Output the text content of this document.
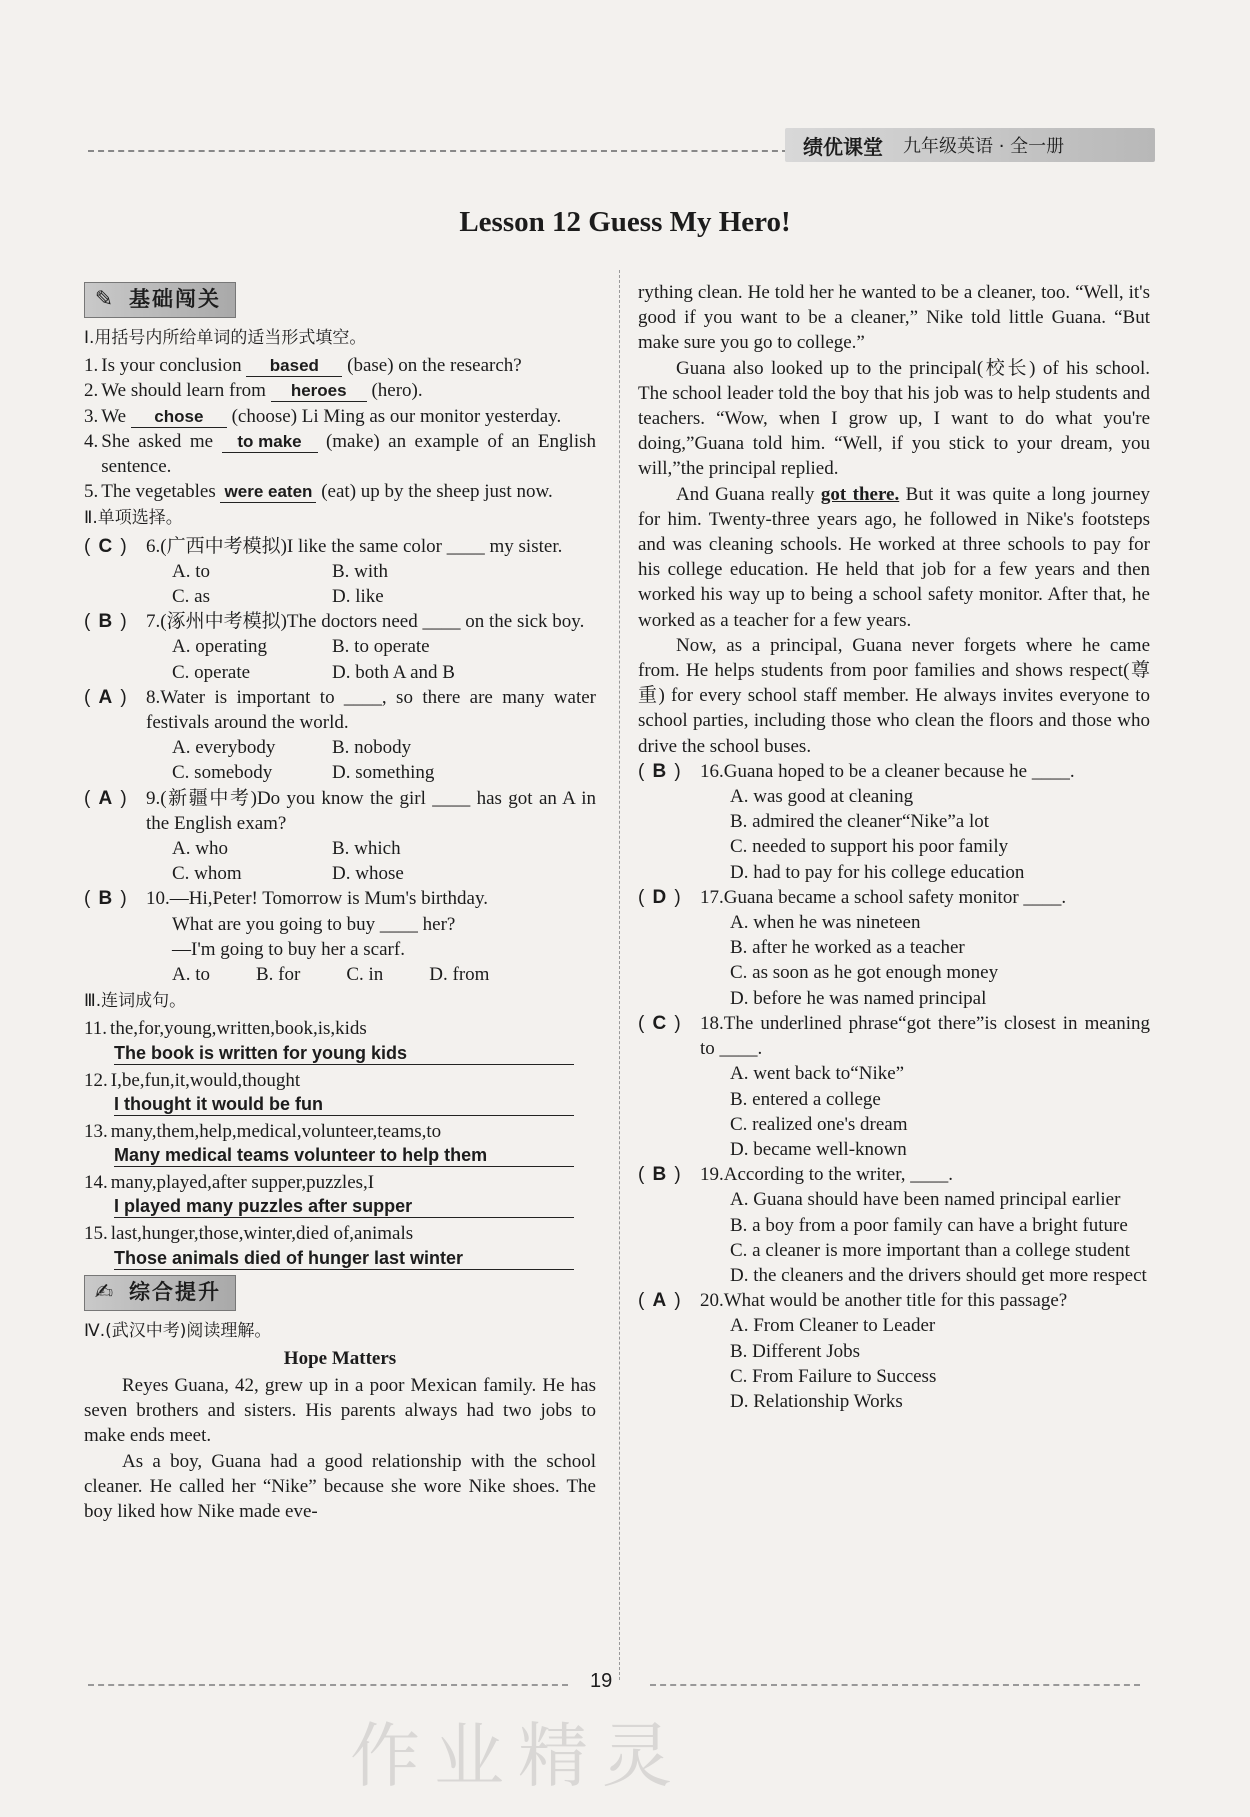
绩优课堂	九年级英语 · 全一册
Lesson 12 Guess My Hero!
✎ 基础闯关
Ⅰ.用括号内所给单词的适当形式填空。
1. Is your conclusion based (base) on the research?
2. We should learn from heroes (hero).
3. We chose (choose) Li Ming as our monitor yesterday.
4. She asked me to make (make) an example of an English sentence.
5. The vegetables were eaten (eat) up by the sheep just now.
Ⅱ.单项选择。
( C )	6.(广西中考模拟)I like the same color ____ my sister.
A. to	B. with
C. as	D. like
( B )	7.(涿州中考模拟)The doctors need ____ on the sick boy.
A. operating	B. to operate
C. operate	D. both A and B
( A )	8.Water is important to ____, so there are many water festivals around the world.
A. everybody	B. nobody
C. somebody	D. something
( A )	9.(新疆中考)Do you know the girl ____ has got an A in the English exam?
A. who	B. which
C. whom	D. whose
( B )	10.—Hi,Peter! Tomorrow is Mum's birthday.
What are you going to buy ____ her?
—I'm going to buy her a scarf.
A. to B. for C. in D. from
Ⅲ.连词成句。
11. the,for,young,written,book,is,kids
The book is written for young kids
12. I,be,fun,it,would,thought
I thought it would be fun
13. many,them,help,medical,volunteer,teams,to
Many medical teams volunteer to help them
14. many,played,after supper,puzzles,I
I played many puzzles after supper
15. last,hunger,those,winter,died of,animals
Those animals died of hunger last winter
✍ 综合提升
Ⅳ.(武汉中考)阅读理解。
Hope Matters

Reyes Guana, 42, grew up in a poor Mexican family. He has seven brothers and sisters. His parents always had two jobs to make ends meet.

As a boy, Guana had a good relationship with the school cleaner. He called her “Nike” because she wore Nike shoes. The boy liked how Nike made eve-

rything clean. He told her he wanted to be a cleaner, too. “Well, it's good if you want to be a cleaner,” Nike told little Guana. “But make sure you go to college.”

Guana also looked up to the principal(校长) of his school. The school leader told the boy that his job was to help students and teachers. “Wow, when I grow up, I want to do what you're doing,”Guana told him. “Well, if you stick to your dream, you will,”the principal replied.

And Guana really got there. But it was quite a long journey for him. Twenty-three years ago, he followed in Nike's footsteps and was cleaning schools. He worked at three schools to pay for his college education. He held that job for a few years and then worked his way up to being a school safety monitor. After that, he worked as a teacher for a few years.

Now, as a principal, Guana never forgets where he came from. He helps students from poor families and shows respect(尊重) for every school staff member. He always invites everyone to school parties, including those who clean the floors and those who drive the school buses.

( B )	16.Guana hoped to be a cleaner because he ____.
A. was good at cleaning
B. admired the cleaner“Nike”a lot
C. needed to support his poor family
D. had to pay for his college education
( D )	17.Guana became a school safety monitor ____.
A. when he was nineteen
B. after he worked as a teacher
C. as soon as he got enough money
D. before he was named principal
( C )	18.The underlined phrase“got there”is closest in meaning to ____.
A. went back to“Nike”
B. entered a college
C. realized one's dream
D. became well-known
( B )	19.According to the writer, ____.
A. Guana should have been named principal earlier
B. a boy from a poor family can have a bright future
C. a cleaner is more important than a college student
D. the cleaners and the drivers should get more respect
( A )	20.What would be another title for this passage?
A. From Cleaner to Leader
B. Different Jobs
C. From Failure to Success
D. Relationship Works
19
作业精灵
